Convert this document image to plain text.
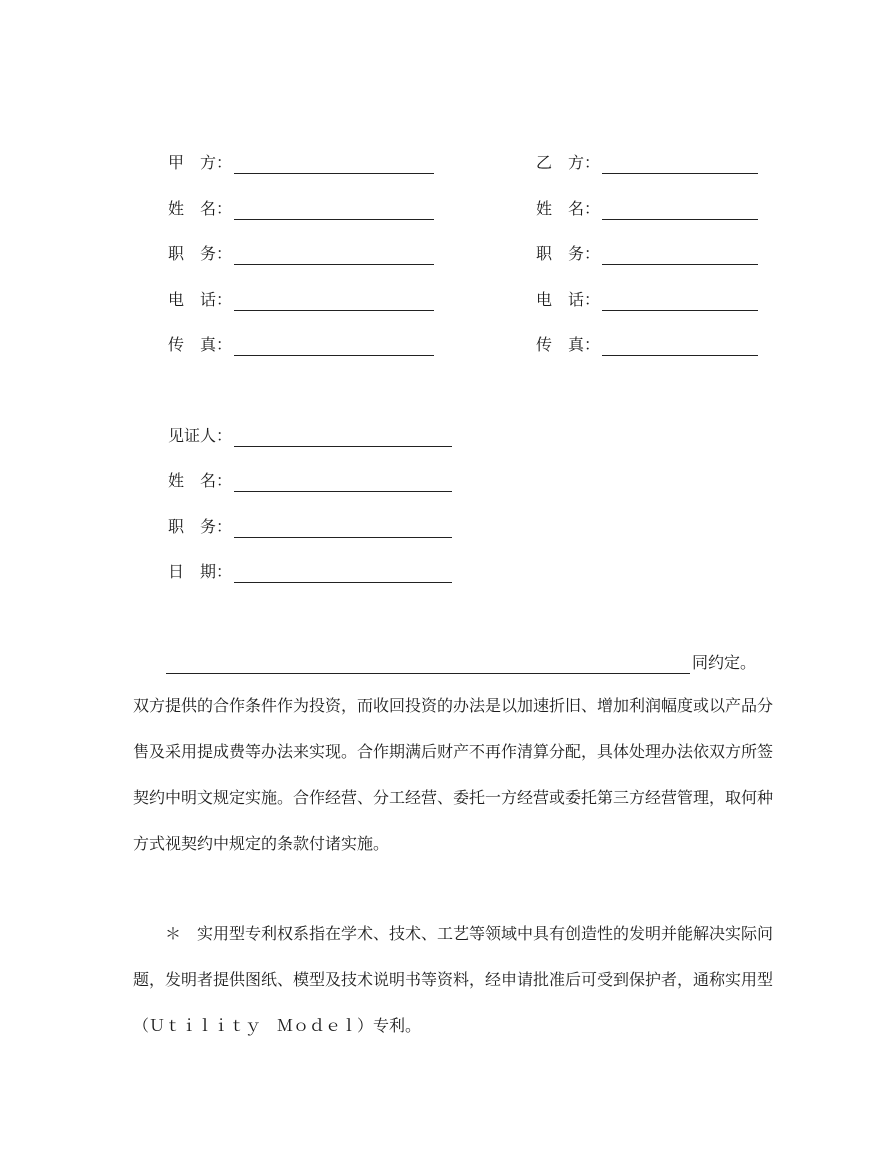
甲　方：
姓　名：
职　务：
电　话：
传　真：
乙　方：
姓　名：
职　务：
电　话：
传　真：
见证人：
姓　名：
职　务：
日　期：
同约定。

双方提供的合作条件作为投资，而收回投资的办法是以加速折旧、增加利润幅度或以产品分售及采用提成费等办法来实现。合作期满后财产不再作清算分配，具体处理办法依双方所签契约中明文规定实施。合作经营、分工经营、委托一方经营或委托第三方经营管理，取何种方式视契约中规定的条款付诸实施。

＊　实用型专利权系指在学术、技术、工艺等领域中具有创造性的发明并能解决实际问题，发明者提供图纸、模型及技术说明书等资料，经申请批准后可受到保护者，通称实用型（Ｕｔｉｌｉｔｙ　Ｍｏｄｅｌ）专利。
